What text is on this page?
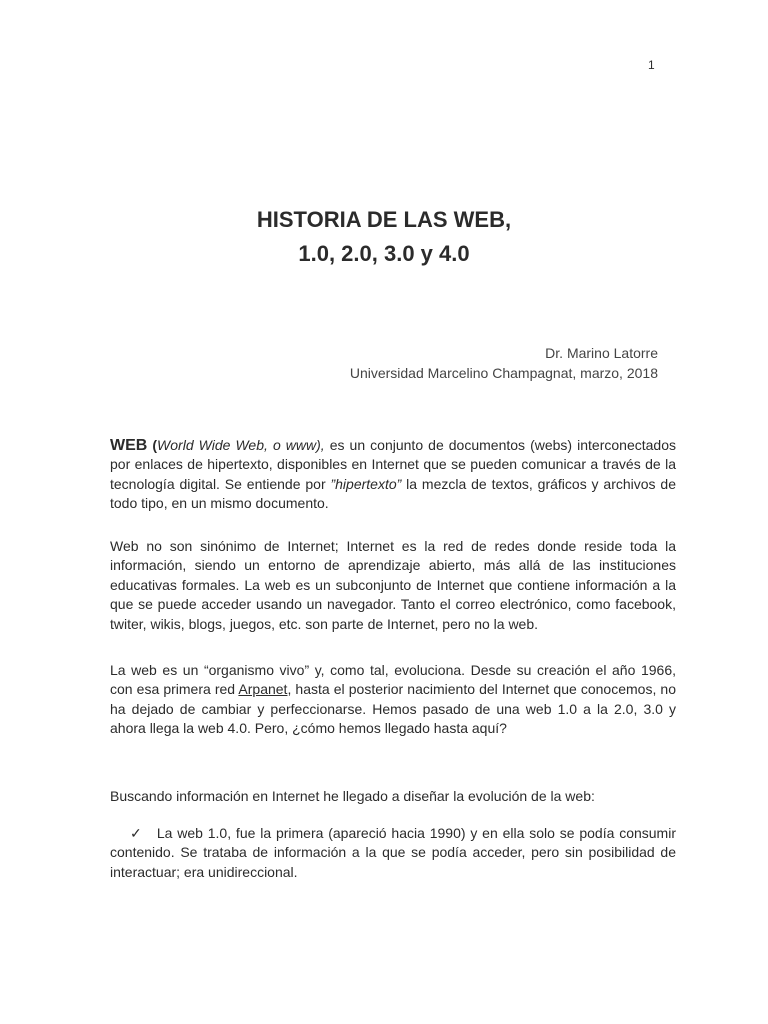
1
HISTORIA DE LAS WEB,
1.0, 2.0, 3.0 y 4.0
Dr. Marino Latorre
Universidad Marcelino Champagnat, marzo, 2018

WEB (World Wide Web, o www), es un conjunto de documentos (webs) interconectados por enlaces de hipertexto, disponibles en Internet que se pueden comunicar a través de la tecnología digital. Se entiende por ”hipertexto” la mezcla de textos, gráficos y archivos de todo tipo, en un mismo documento.

Web no son sinónimo de Internet; Internet es la red de redes donde reside toda la información, siendo un entorno de aprendizaje abierto, más allá de las instituciones educativas formales. La web es un subconjunto de Internet que contiene información a la que se puede acceder usando un navegador. Tanto el correo electrónico, como facebook, twiter, wikis, blogs, juegos, etc. son parte de Internet, pero no la web.

La web es un “organismo vivo” y, como tal, evoluciona. Desde su creación el año 1966, con esa primera red Arpanet, hasta el posterior nacimiento del Internet que conocemos, no ha dejado de cambiar y perfeccionarse. Hemos pasado de una web 1.0 a la 2.0, 3.0 y ahora llega la web 4.0. Pero, ¿cómo hemos llegado hasta aquí?

Buscando información en Internet he llegado a diseñar la evolución de la web:

✓ La web 1.0, fue la primera (apareció hacia 1990) y en ella solo se podía consumir contenido. Se trataba de información a la que se podía acceder, pero sin posibilidad de interactuar; era unidireccional.
